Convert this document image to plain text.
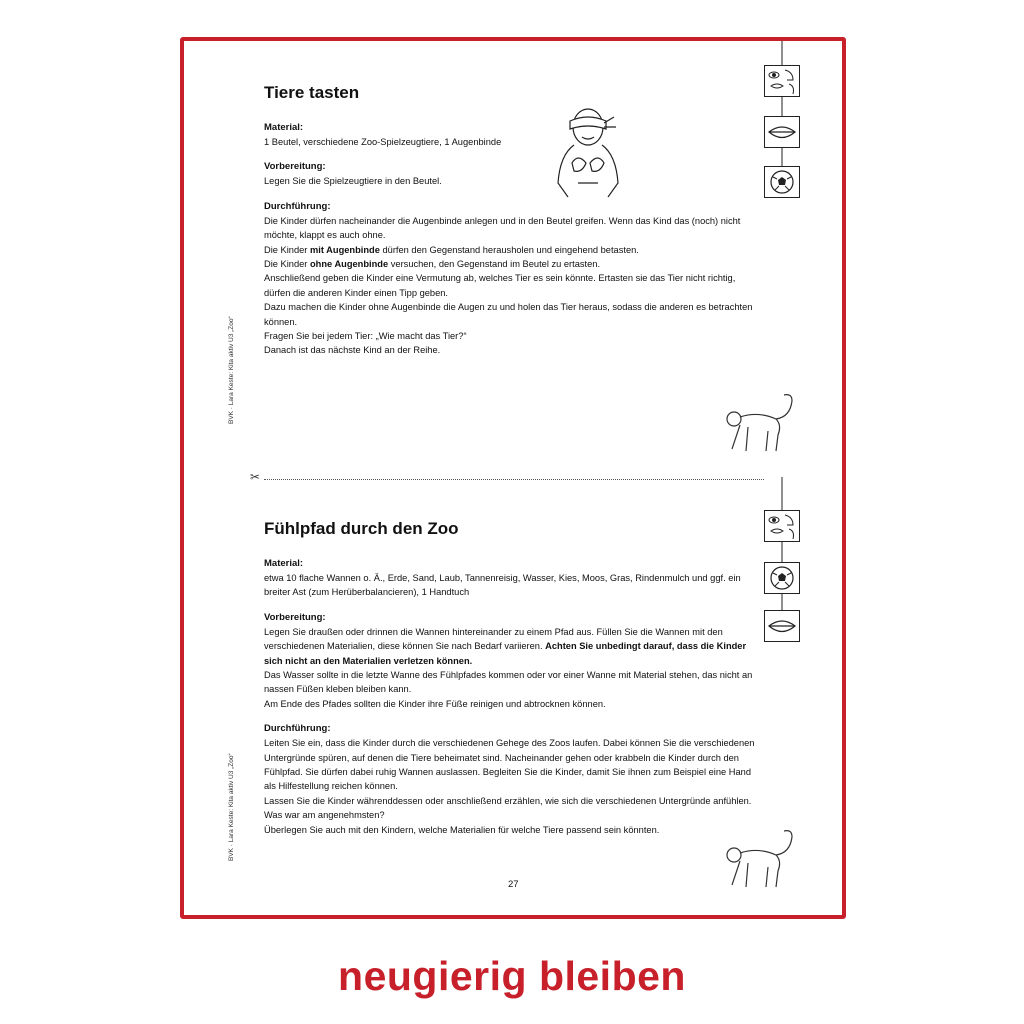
BVK · Lara Keste: Kita aktiv U3 „Zoo“
BVK · Lara Keste: Kita aktiv U3 „Zoo“
Tiere tasten
Material:
1 Beutel, verschiedene Zoo-Spielzeugtiere, 1 Augenbinde
Vorbereitung:
Legen Sie die Spielzeugtiere in den Beutel.
Durchführung:
Die Kinder dürfen nacheinander die Augenbinde anlegen und in den Beutel greifen. Wenn das Kind das (noch) nicht möchte, klappt es auch ohne.
Die Kinder mit Augenbinde dürfen den Gegenstand herausholen und eingehend betasten.
Die Kinder ohne Augenbinde versuchen, den Gegenstand im Beutel zu ertasten.
Anschließend geben die Kinder eine Vermutung ab, welches Tier es sein könnte. Ertasten sie das Tier nicht richtig, dürfen die anderen Kinder einen Tipp geben.
Dazu machen die Kinder ohne Augenbinde die Augen zu und holen das Tier heraus, sodass die anderen es betrachten können.
Fragen Sie bei jedem Tier: „Wie macht das Tier?“
Danach ist das nächste Kind an der Reihe.
✂
Fühlpfad durch den Zoo
Material:
etwa 10 flache Wannen o. Ä., Erde, Sand, Laub, Tannenreisig, Wasser, Kies, Moos, Gras, Rindenmulch und ggf. ein breiter Ast (zum Herüberbalancieren), 1 Handtuch
Vorbereitung:
Legen Sie draußen oder drinnen die Wannen hintereinander zu einem Pfad aus. Füllen Sie die Wannen mit den verschiedenen Materialien, diese können Sie nach Bedarf variieren. Achten Sie unbedingt darauf, dass die Kinder sich nicht an den Materialien verletzen können.
Das Wasser sollte in die letzte Wanne des Fühlpfades kommen oder vor einer Wanne mit Material stehen, das nicht an nassen Füßen kleben bleiben kann.
Am Ende des Pfades sollten die Kinder ihre Füße reinigen und abtrocknen können.
Durchführung:
Leiten Sie ein, dass die Kinder durch die verschiedenen Gehege des Zoos laufen. Dabei können Sie die verschiedenen Untergründe spüren, auf denen die Tiere beheimatet sind. Nacheinander gehen oder krabbeln die Kinder durch den Fühlpfad. Sie dürfen dabei ruhig Wannen auslassen. Begleiten Sie die Kinder, damit Sie ihnen zum Beispiel eine Hand als Hilfestellung reichen können.
Lassen Sie die Kinder währenddessen oder anschließend erzählen, wie sich die verschiedenen Untergründe anfühlen. Was war am angenehmsten?
Überlegen Sie auch mit den Kindern, welche Materialien für welche Tiere passend sein könnten.
27
neugierig bleiben
